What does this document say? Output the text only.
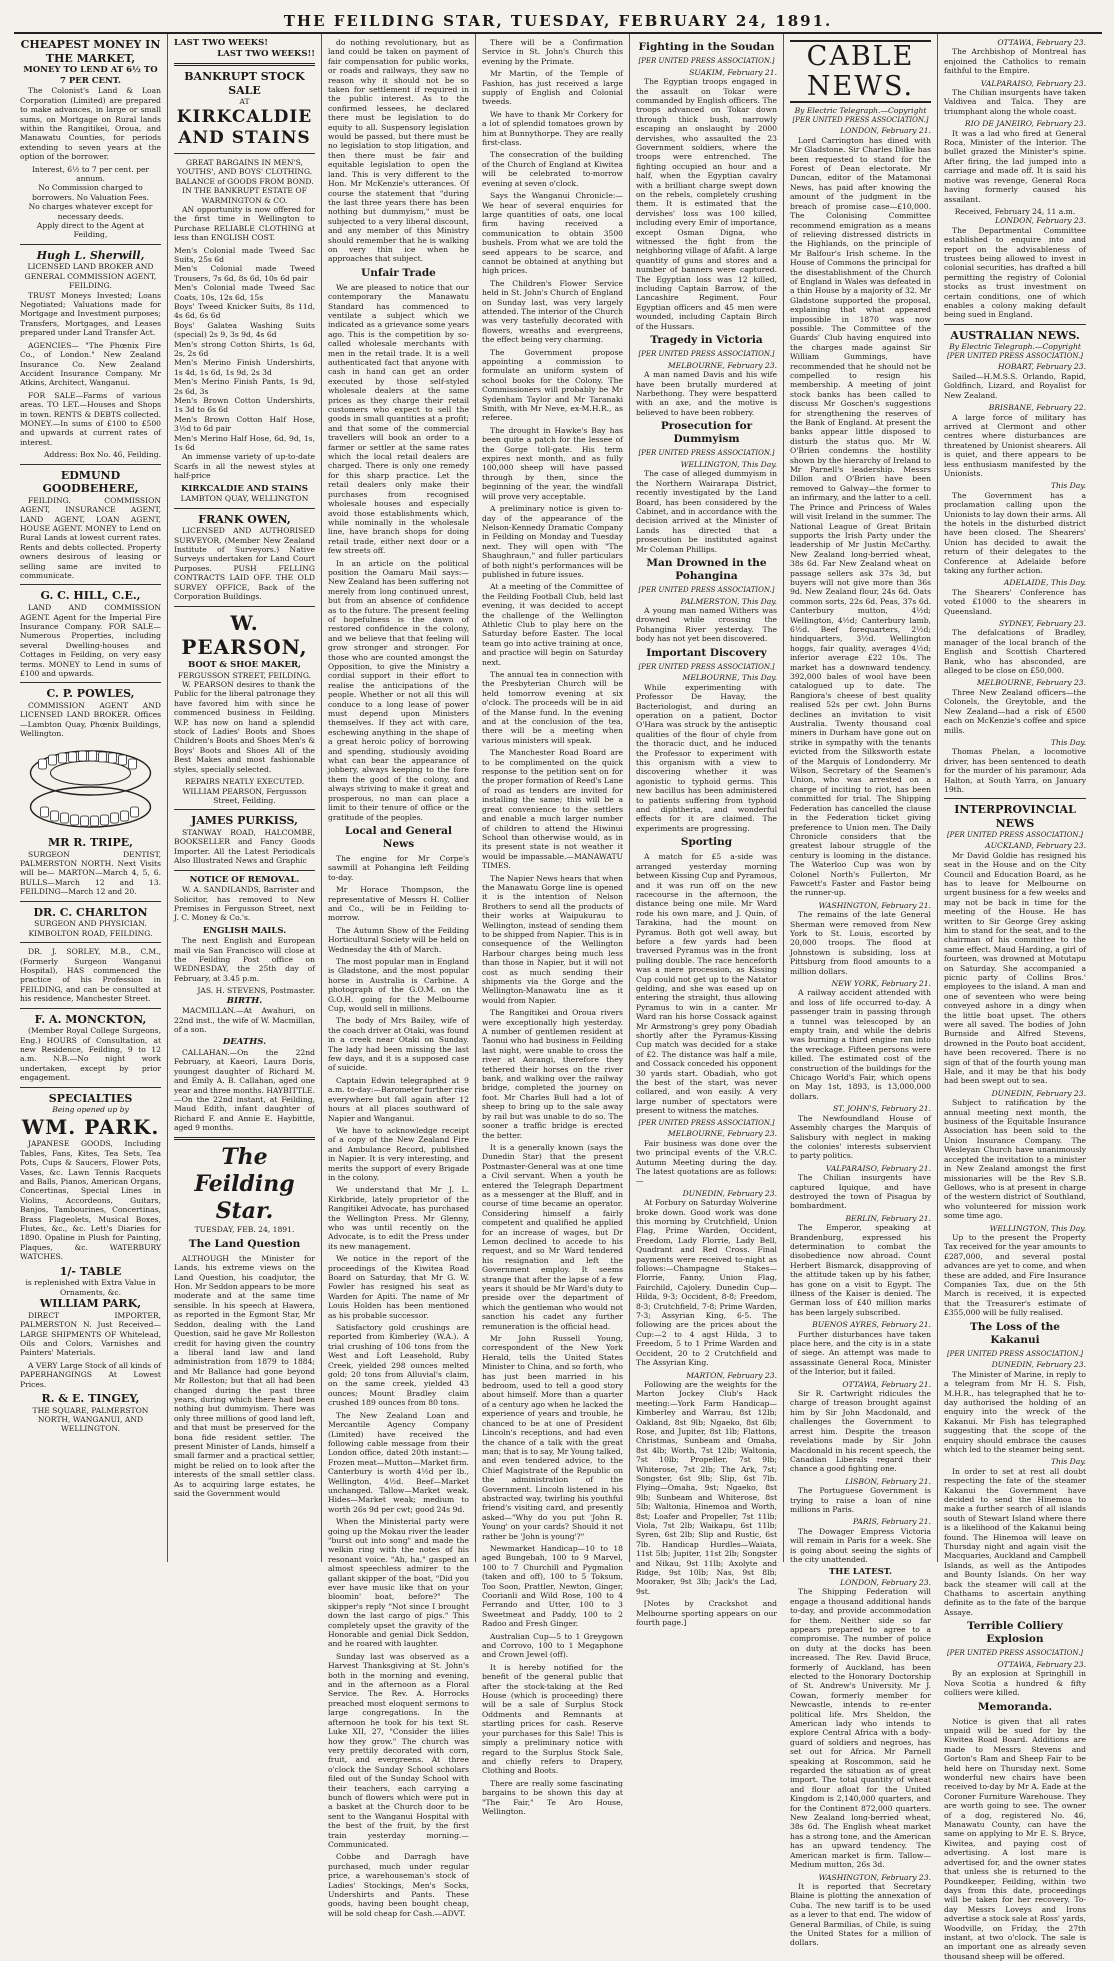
THE FEILDING STAR, TUESDAY, FEBRUARY 24, 1891.
CHEAPEST MONEY IN THE MARKET,
MONEY TO LEND AT 6½ TO 7 PER CENT.

The Colonist's Land & Loan Corporation (Limited) are prepared to make advances, in large or small sums, on Mortgage on Rural lands within the Rangitikei, Oroua, and Manawatu Counties, for periods extending to seven years at the option of the borrower.

Interest, 6½ to 7 per cent. per annum.
No Commission charged to borrowers. No Valuation Fees.
No charges whatever except for necessary deeds.
Apply direct to the Agent at Feilding,
Hugh L. Sherwill,
LICENSED LAND BROKER AND GENERAL COMMISSION AGENT, FEILDING.

TRUST Moneys Invested; Loans Negotiated; Valuations made for Mortgage and Investment purposes; Transfers, Mortgages, and Leases prepared under Land Transfer Act.

AGENCIES— "The Phœnix Fire Co., of London." New Zealand Insurance Co. New Zealand Accident Insurance Company. Mr Atkins, Architect, Wanganui.

FOR SALE—Farms of various areas. TO LET.—Houses and Shops in town. RENTS & DEBTS collected. MONEY.—In sums of £100 to £500 and upwards at current rates of interest.

Address: Box No. 46, Feilding.
EDMUND GOODBEHERE,

FEILDING. COMMISSION AGENT, INSURANCE AGENT, LAND AGENT, LOAN AGENT, HOUSE AGENT. MONEY to Lend on Rural Lands at lowest current rates. Rents and debts collected. Property owners desirous of leasing or selling same are invited to communicate.

G. C. HILL, C.E.,

LAND AND COMMISSION AGENT. Agent for the Imperial Fire Insurance Company. FOR SALE—Numerous Properties, including several Dwelling-houses and Cottages in Feilding, on very easy terms. MONEY to Lend in sums of £100 and upwards.

C. P. POWLES,

COMMISSION AGENT AND LICENSED LAND BROKER. Offices—Lambton Quay, Phœnix Buildings, Wellington.

MR R. TRIPE,

SURGEON DENTIST, PALMERSTON NORTH. Next Visits will be— MARTON—March 4, 5, 6. BULLS—March 12 and 13. FEILDING—March 12 and 20.

DR. C. CHARLTON
SURGEON AND PHYSICIAN. KIMBOLTON ROAD, FEILDING.

DR. J. SORLEY, M.B., C.M., (Formerly Surgeon Wanganui Hospital), HAS commenced the practice of his Profession in FEILDING, and can be consulted at his residence, Manchester Street.

F. A. MONCKTON,

(Member Royal College Surgeons, Eng.) HOURS of Consultation, at new Residence, Feilding, 9 to 12 a.m. N.B.—No night work undertaken, except by prior engagement.

SPECIALTIES
Being opened up by
WM. PARK.

JAPANESE GOODS, Including Tables, Fans, Kites, Tea Sets, Tea Pots, Cups & Saucers, Flower Pots, Vases, &c. Lawn Tennis Racquets and Balls, Pianos, American Organs, Concertinas, Special Lines in Violins, Accordeons, Guitars, Banjos, Tambourines, Concertinas, Brass Flageolets, Musical Boxes, Flutes, &c., &c. Lett's Diaries for 1890. Opaline in Plush for Painting, Plaques, &c. WATERBURY WATCHES.

1/- TABLE
is replenished with Extra Value in Ornaments, &c.
WILLIAM PARK,

DIRECT IMPORTER, PALMERSTON N. Just Received— LARGE SHIPMENTS OF Whitelead, Oils and Colors, Varnishes and Painters' Materials.

A VERY Large Stock of all kinds of PAPERHANGINGS At Lowest Prices.

R. & E. TINGEY,
THE SQUARE, PALMERSTON NORTH, WANGANUI, AND WELLINGTON.
LAST TWO WEEKS!
LAST TWO WEEKS!!
BANKRUPT STOCK SALE
AT
KIRKCALDIE AND STAINS
GREAT BARGAINS IN MEN'S, YOUTHS', AND BOYS' CLOTHING.
BALANCE of GOODS FROM BOND.
IN THE BANKRUPT ESTATE OF WARMINGTON & CO.

AN opportunity is now offered for the first time in Wellington to Purchase RELIABLE CLOTHING at less than ENGLISH COST.

Men's Colonial made Tweed Sac Suits, 25s 6d
Men's Colonial made Tweed Trousers, 7s 6d, 8s 6d, 10s 6d pair
Men's Colonial made Tweed Sac Coats, 10s, 12s 6d, 15s
Boys' Tweed Knicker Suits, 8s 11d, 4s 6d, 6s 6d
Boys' Galatea Washing Suits (special) 2s 9, 3s 9d, 4s 6d
Men's strong Cotton Shirts, 1s 6d, 2s, 2s 6d
Men's Merino Finish Undershirts, 1s 4d, 1s 6d, 1s 9d, 2s 3d
Men's Merino Finish Pants, 1s 9d, 2s 6d, 3s
Men's Brown Cotton Undershirts, 1s 3d to 6s 6d
Men's Brown Cotton Half Hose, 3½d to 6d pair
Men's Merino Half Hose, 6d, 9d, 1s, 1s 6d

An immense variety of up-to-date Scarfs in all the newest styles at half-price

KIRKCALDIE AND STAINS
LAMBTON QUAY, WELLINGTON
FRANK OWEN,

LICENSED AND AUTHORISED SURVEYOR, (Member New Zealand Institute of Surveyors.) Native Surveys undertaken for Land Court Purposes. PUSH FELLING CONTRACTS LAID OFF. THE OLD SURVEY OFFICE, Back of the Corporation Buildings.

W. PEARSON,
BOOT & SHOE MAKER,
FERGUSSON STREET, FEILDING.

W. PEARSON desires to thank the Public for the liberal patronage they have favored him with since he commenced business in Feilding. W.P. has now on hand a splendid stock of Ladies' Boots and Shoes Children's Boots and Shoes Men's & Boys' Boots and Shoes All of the Best Makes and most fashionable styles, specially selected.

REPAIRS NEATLY EXECUTED.
WILLIAM PEARSON, Fergusson Street, Feilding.
JAMES PURKISS,

STANWAY ROAD, HALCOMBE, BOOKSELLER and Fancy Goods Importer. All the Latest Periodicals Also Illustrated News and Graphic

NOTICE OF REMOVAL.

W. A. SANDILANDS, Barrister and Solicitor, has removed to New Premises in Fergusson Street, next J. C. Money & Co.'s.

ENGLISH MAILS.

The next English and European mail via San Francisco will close at the Feilding Post office on WEDNESDAY, the 25th day of February, at 3.45 p.m.

JAS. H. STEVENS, Postmaster.
BIRTH.

MACMILLAN.—At Awahuri, on 22nd inst., the wife of W. Macmillan, of a son.

DEATHS.

CALLAHAN.—On the 22nd February, at Kaeori, Laura Doris, youngest daughter of Richard M. and Emily A. B. Callahan, aged one year and three months. HAYBITTLE.—On the 22nd instant, at Feilding, Maud Edith, infant daughter of Richard F. and Annie E. Haybittle, aged 9 months.

The Feilding Star.
TUESDAY, FEB. 24, 1891.
The Land Question

ALTHOUGH the Minister for Lands, his extreme views on the Land Question, his coadjutor, the Hon. Mr Seddon appears to be more moderate and at the same time sensible. In his speech at Hawera, as reported in the Egmont Star, Mr Seddon, dealing with the Land Question, said he gave Mr Rolleston credit for having given the country a liberal land law and land administration from 1879 to 1884; and Mr Ballance had gone beyond Mr Rolleston; but that all had been changed during the past three years, during which there had been nothing but dummyism. There was only three millions of good land left, and that must be preserved for the bona fide resident settler. The present Minister of Lands, himself a small farmer and a practical settler, might be relied on to look after the interests of the small settler class. As to acquiring large estates, he said the Government would

do nothing revolutionary, but as land could be taken on payment of fair compensation for public works, or roads and railways, they saw no reason why it should not be so taken for settlement if required in the public interest. As to the confirmed lessees, he declared there must be legislation to do equity to all. Suspensory legislation would be passed, but there must be no legislation to stop litigation, and then there must be fair and equitable legislation to open the land. This is very different to the Hon. Mr McKenzie's utterances. Of course the statement that "during the last three years there has been nothing but dummyism," must be subjected to a very liberal discount, and any member of this Ministry should remember that he is walking on very thin ice when he approaches that subject.

Unfair Trade

We are pleased to notice that our contemporary the Manawatu Standard has commenced to ventilate a subject which we indicated as a grievance some years ago. This is the competition by so-called wholesale merchants with men in the retail trade. It is a well authenticated fact that anyone with cash in hand can get an order executed by those self-styled wholesale dealers at the same prices as they charge their retail customers who expect to sell the goods in small quantities at a profit; and that some of the commercial travellers will book an order to a farmer or settler at the same rates which the local retail dealers are charged. There is only one remedy for this sharp practice. Let the retail dealers only make their purchases from recognised wholesale houses and especially avoid those establishments which, while nominally in the wholesale line, have branch shops for doing retail trade, either next door or a few streets off.

In an article on the political position the Oamaru Mail says:—New Zealand has been suffering not merely from long continued unrest, but from an absence of confidence as to the future. The present feeling of hopefulness is the dawn of restored confidence in the colony, and we believe that that feeling will grow stronger and stronger. For those who are counted amongst the Opposition, to give the Ministry a cordial support in their effort to realise the anticipations of the people. Whether or not all this will conduce to a long lease of power must depend upon Ministers themselves. If they act with care, eschewing anything in the shape of a great heroic policy of borrowing and spending, studiously avoiding what can bear the appearance of jobbery, always keeping to the fore them the good of the colony, and always striving to make it great and prosperous, no man can place a limit to their tenure of office or the gratitude of the peoples.

Local and General News

The engine for Mr Corpe's sawmill at Pohangina left Feilding to-day.

Mr Horace Thompson, the representative of Messrs H. Collier and Co., will be in Feilding to-morrow.

The Autumn Show of the Feilding Horticultural Society will be held on Wednesday the 4th of March.

The most popular man in England is Gladstone, and the most popular horse in Australia is Carbine. A photograph of the G.O.M. on the G.O.H. going for the Melbourne Cup, would sell in millions.

The body of Mrs Bailey, wife of the coach driver at Otaki, was found in a creek near Otaki on Sunday. The lady had been missing the last few days, and it is a supposed case of suicide.

Captain Edwin telegraphed at 9 a.m. to-day:—Barometer further rise everywhere but fall again after 12 hours at all places southward of Napier and Wanganui.

We have to acknowledge receipt of a copy of the New Zealand Fire and Ambulance Record, published in Napier. It is very interesting, and merits the support of every Brigade in the colony.

We understand that Mr J. L. Kirkbride, lately proprietor of the Rangitikei Advocate, has purchased the Wellington Press. Mr Glenny, who was until recently on the Advocate, is to edit the Press under its new management.

We notice in the report of the proceedings of the Kiwitea Road Board on Saturday, that Mr G. W. Fowler has resigned his seat as Warden for Apiti. The name of Mr Louis Holden has been mentioned as his probable successor.

Satisfactory gold crushings are reported from Kimberley (W.A.). A trial crushing of 106 tons from the West and Loft Leasehold, Ruby Creek, yielded 298 ounces melted gold; 20 tons from Alluvial's claim, on the same creek, yielded 43 ounces; Mount Bradley claim crushed 189 ounces from 80 tons.

The New Zealand Loan and Mercantile Agency Company (Limited) have received the following cable message from their London office, dated 20th instant:—Frozen meat—Mutton—Market firm. Canterbury is worth 4½d per lb., Wellington, 4½d. Beef—Market unchanged. Tallow—Market weak. Hides—Market weak; medium to worth 26s 9d per cwt; good 24s 9d.

When the Ministerial party were going up the Mokau river the leader "burst out into song" and made the welkin ring with the notes of his resonant voice. "Ah, ha," gasped an almost speechless admirer to the gallant skipper of the boat, "Did you ever have music like that on your bloomin' boat, before?" The skipper's reply "Not since I brought down the last cargo of pigs." This completely upset the gravity of the Honorable and genial Dick Seddon, and he roared with laughter.

Sunday last was observed as a Harvest Thanksgiving at St. John's both in the morning and evening, and in the afternoon as a Floral Service. The Rev. A. Horrocks preached most eloquent sermons to large congregations. In the afternoon he took for his text St. Luke XII, 27, "Consider the lilies how they grow." The church was very prettily decorated with corn, fruit, and evergreens. At three o'clock the Sunday School scholars filed out of the Sunday School with their teachers, each carrying a bunch of flowers which were put in a basket at the Church door to be sent to the Wanganui Hospital with the best of the fruit, by the first train yesterday morning.—Communicated.

Cobbe and Darragh have purchased, much under regular price, a warehouseman's stock of Ladies' Stockings, Men's Socks, Undershirts and Pants. These goods, having been bought cheap, will be sold cheap for Cash.—ADVT.

There will be a Confirmation Service in St. John's Church this evening by the Primate.

Mr Martin, of the Temple of Fashion, has just received a large supply of English and Colonial tweeds.

We have to thank Mr Corkery for a lot of splendid tomatoes grown by him at Bunnythorpe. They are really first-class.

The consecration of the building of the Church of England at Kiwitea will be celebrated to-morrow evening at seven o'clock.

Says the Wanganui Chronicle:—We hear of several enquiries for large quantities of oats, one local firm having received a communication to obtain 3500 bushels. From what we are told the seed appears to be scarce, and cannot be obtained at anything but high prices.

The Children's Flower Service held in St. John's Church of England on Sunday last, was very largely attended. The interior of the Church was very tastefully decorated with flowers, wreaths and evergreens, the effect being very charming.

The Government propose appointing a commission to formulate an uniform system of school books for the Colony. The Commissioners will probably be Mr Sydenham Taylor and Mr Taranaki Smith, with Mr Neve, ex-M.H.R., as referee.

The drought in Hawke's Bay has been quite a patch for the lessee of the Gorge toll-gate. His term expires next month, and as fully 100,000 sheep will have passed through by then, since the beginning of the year, the windfall will prove very acceptable.

A preliminary notice is given to-day of the appearance of the Nelson-Kennedy Dramatic Company in Feilding on Monday and Tuesday next. They will open with "The Shaughraun," and fuller particulars of both night's performances will be published in future issues.

At a meeting of the Committee of the Feilding Football Club, held last evening, it was decided to accept the challenge of the Wellington Athletic Club to play here on the Saturday before Easter. The local team go into active training at once, and practice will begin on Saturday next.

The annual tea in connection with the Presbyterian Church will be held tomorrow evening at six o'clock. The proceeds will be in aid of the Manse fund. In the evening and at the conclusion of the tea, there will be a meeting when various ministers will speak.

The Manchester Road Board are to be complimented on the quick response to the petition sent on for the proper formation of Reed's Lane of road as tenders are invited for installing the same; this will be a great convenience to the settlers and enable a much larger number of children to attend the Hiwinui School than otherwise would, as in its present state is not weather it would be impassable.—MANAWATU TIMES.

The Napier News hears that when the Manawatu Gorge line is opened it is the intention of Nelson Brothers to send all the products of their works at Waipukurau to Wellington, instead of sending them to be shipped from Napier. This is in consequence of the Wellington Harbour charges being much less than those in Napier, but it will not cost as much sending their shipments via the Gorge and the Wellington-Manawatu line as it would from Napier.

The Rangitikei and Oroua rivers were exceptionally high yesterday. A number of gentlemen resident at Taonui who had business in Feilding last night, were unable to cross the river at Aorangi, therefore they tethered their horses on the river bank, and walking over the railway bridge, completed the journey on foot. Mr Charles Bull had a lot of sheep to bring up to the sale away by rail but was unable to do so. The sooner a traffic bridge is erected the better.

It is a generally known (says the Dunedin Star) that the present Postmaster-General was at one time a Civil servant. When a youth he entered the Telegraph Department as a messenger at the Bluff, and in course of time became an operator. Considering himself a fairly competent and qualified he applied for an increase of wages, but Dr Lemon declined to accede to his request, and so Mr Ward tendered his resignation and left the Government employ. It seems strange that after the lapse of a few years it should be Mr Ward's duty to preside over the department of which the gentleman who would not sanction his cadet any further remuneration is the official head.

Mr John Russell Young, correspondent of the New York Herald, tells the United States Minister to China, and so forth, who has just been married in his bedroom, used to tell a good story about himself. More than a quarter of a century ago when he lacked the experience of years and trouble, he chanced to be at one of President Lincoln's receptions, and had even the chance of a talk with the great man; that is to say, Mr Young talked, and even tendered advice, to the Chief Magistrate of the Republic on the administration of the Government. Lincoln listened in his abstracted way, twirling his youthful friend's visiting card, and presently asked—"Why do you put 'John R. Young' on your cards? Should it not rather be 'John is young'?"

Newmarket Handicap—10 to 18 aged Bungebah, 100 to 9 Marvel, 100 to 7 Churchill and Pygmalion (taken and off), 100 to 5 Toksum, Too Soon, Prattler, Newton, Ginger, Coorianli and Wild Rose, 100 to 4 Ferrando and Utter, 100 to 3 Sweetmeat and Paddy, 100 to 2 Radoo and Fresh Ginger.

Australian Cup—5 to 1 Greygown and Corrovo, 100 to 1 Megaphone and Crown Jewel (off).

It is hereby notified for the benefit of the general public that after the stock-taking at the Red House (which is proceeding) there will be a sale of Surplus Stock Oddments and Remnants at startling prices for cash. Reserve your purchases for this Sale! This is simply a preliminary notice with regard to the Surplus Stock Sale, and chiefly refers to Drapery, Clothing and Boots.

There are really some fascinating bargains to be shown this day at "The Fair," Te Aro House, Wellington.

Fighting in the Soudan
[PER UNITED PRESS ASSOCIATION.]
SUAKIM, February 21.

The Egyptian troops engaged in the assault on Tokar were commanded by English officers. The troops advanced on Tokar down through thick bush, narrowly escaping an onslaught by 2000 dervishes, who assaulted the 23 Government soldiers, where the troops were entrenched. The fighting occupied an hour and a half, when the Egyptian cavalry with a brilliant charge swept down on the rebels, completely crushing them. It is estimated that the dervishes' loss was 100 killed, including every Emir of importance, except Osman Digna, who witnessed the fight from the neighboring village of Afafit. A large quantity of guns and stores and a number of banners were captured. The Egyptian loss was 12 killed, including Captain Barrow, of the Lancashire Regiment. Four Egyptian officers and 45 men were wounded, including Captain Birch of the Hussars.

Tragedy in Victoria
[PER UNITED PRESS ASSOCIATION.]
MELBOURNE, February 23.

A man named Davis and his wife have been brutally murdered at Narbethong. They were bespatterd with an axe, and the motive is believed to have been robbery.

Prosecution for Dummyism
[PER UNITED PRESS ASSOCIATION.]
WELLINGTON, This Day.

The case of alleged dummyism in the Northern Wairarapa District, recently investigated by the Land Board, has been considered by the Cabinet, and in accordance with the decision arrived at the Minister of Lands has directed that a prosecution be instituted against Mr Coleman Phillips.

Man Drowned in the Pohangina
[PER UNITED PRESS ASSOCIATION.]
PALMERSTON, This Day.

A young man named Withers was drowned while crossing the Pohangina River yesterday. The body has not yet been discovered.

Important Discovery
[PER UNITED PRESS ASSOCIATION.]
MELBOURNE, This Day.

While experimenting with Professor De Havay, the Bacteriologist, and during an operation on a patient, Doctor O'Hara was struck by the antiseptic qualities of the flour of chyle from the thoracic duct, and he induced the Professor to experiment with this organism with a view to discovering whether it was agonistic to typhoid germs. This new bacillus has been administered to patients suffering from typhoid and diphtheria, and wonderful effects for it are claimed. The experiments are progressing.

Sporting

A match for £5 a-side was arranged yesterday morning between Kissing Cup and Pyramous, and it was run off on the new racecourse in the afternoon, the distance being one mile. Mr Ward rode his own mare, and J. Quin, of Tarakina, had the mount on Pyramus. Both got well away, but before a few yards had been traversed Pyramus was in the front pulling double. The race henceforth was a mere procession, as Kissing Cup could not get up to the Natator gelding, and she was eased up on entering the straight, thus allowing Pyramus to win in a canter. Mr Ward ran his horse Cossack against Mr Armstrong's grey pony Obadiah shortly after the Pyramus-Kissing Cup match was decided for a stake of £2. The distance was half a mile, and Cossack conceded his opponent 30 yards start. Obadiah, who got the best of the start, was never collared, and won easily. A very large number of spectators were present to witness the matches.

[PER UNITED PRESS ASSOCIATION.]
MELBOURNE, February 23.

Fair business was done over the two principal events of the V.R.C. Autumn Meeting during the day. The latest quotations are as follows:—

DUNEDIN, February 23.

At Forbury on Saturday Wolverine broke down. Good work was done this morning by Crutchfield, Union Flag, Prime Warden, Occident, Freedom, Lady Florrie, Lady Bell, Quadrant and Red Cross. Final payments were received to-night as follows:—Champagne Stakes—Florrie, Fanny, Union Flag, Fairchild, Cajolery. Dunedin Cup—Hilda, 9-3; Occident, 8-8; Freedom, 8-3; Crutchfield, 7-8; Prime Warden, 7-3; Assyrian King, 6-5. The following are the prices about the Cup:—2 to 4 agst Hilda, 3 to Freedom, 5 to 1 Prime Warden and Occident, 20 to 2 Crutchfield and The Assyrian King.

MARTON, February 23.

Following are the weights for the Marton Jockey Club's Hack meeting:—York Farm Handicap—Kimberley and Warrau, 8st 12lb; Oakland, 8st 9lb; Ngaeko, 8st 6lb; Rose, and Jupiter, 8st 1lb; Flattons, Christmas, Sunbeam and Omaha, 8st 4lb; Worth, 7st 12lb; Waltonia, 7st 10lb; Propeller, 7st 9lb; Whiterose, 7st 2lb; The Ark, 7st; Songster, 6st 9lb; Slip, 6st 7lb. Flying—Omaha, 9st; Ngaeko, 8st 9lb; Sunbeam and Whiterose, 8st 5lb; Waltonia, Hinemoa and Worth, 8st; Loafer and Propeller, 7st 11lb; Viola, 7st 2lb; Waikapu, 6st 11lb; Syren, 6st 2lb; Slip and Rustic, 6st 7lb. Handicap Hurdles—Waiata, 11st 5lb; Jupiter, 11st 2lb; Songster and Nikau, 9st 11lb; Axolyte and Ridge, 9st 10lb; Nas, 9st 8lb; Mooraker, 9st 3lb; Jack's the Lad, 9st.

[Notes by Crackshot and Melbourne sporting appears on our fourth page.]

CABLE NEWS.
By Electric Telegraph.—Copyright
[PER UNITED PRESS ASSOCIATION.]
LONDON, February 21.

Lord Carrington has dined with Mr Gladstone. Sir Charles Dilke has been requested to stand for the Forest of Dean electorate. Mr Duncan, editor of the Matamonai News, has paid after knowing the amount of the judgment in the breach of promise case—£10,000. The Colonising Committee recommend emigration as a means of relieving distressed districts in the Highlands, on the principle of Mr Balfour's Irish scheme. In the House of Commons the principal for the disestablishment of the Church of England in Wales was defeated in a thin House by a majority of 32. Mr Gladstone supported the proposal, explaining that what appeared impossible in 1870 was now possible. The Committee of the Guards' Club having enquired into the charges made against Sir William Gummings, have recommended that he should not be compelled to resign his membership. A meeting of joint stock banks has been called to discuss Mr Goschen's suggestions for strengthening the reserves of the Bank of England. At present the banks appear little disposed to disturb the status quo. Mr W. O'Brien condemns the hostility shown by the hierarchy of Ireland to Mr Parnell's leadership. Messrs Dillon and O'Brien have been removed to Galway—the former to an infirmary, and the latter to a cell. The Prince and Princess of Wales will visit Ireland in the summer. The National League of Great Britain supports the Irish Party under the leadership of Mr Justin McCarthy. New Zealand long-berried wheat, 38s 6d. Far New Zealand wheat on passage sellers ask 37s 3d, but buyers will not give more than 36s 9d. New Zealand flour, 24s 6d. Oats common sorts, 22s 6d. Peas, 37s 6d. Canterbury mutton, 4½d; Wellington, 4½d; Canterbury lamb, 6½d. Beef forequarters, 2½d; hindquarters, 3½d. Wellington hoggs, fair quality, averages 4½d; inferior average £22 10s. The market has a downward tendency. 392,000 bales of wool have been catalogued up to date. The Rangiora's cheese of best quality realised 52s per cwt. John Burns declines an invitation to visit Australia. Twenty thousand coal miners in Durham have gone out on strike in sympathy with the tenants evicted from the Silksworth estate of the Marquis of Londonderry. Mr Wilson, Secretary of the Seamen's Union, who was arrested on a charge of inciting to riot, has been committed for trial. The Shipping Federation has cancelled the clause in the Federation ticket giving preference to Union men. The Daily Chronicle considers that the greatest labour struggle of the century is looming in the distance. The Waterloo Cup was won by Colonel North's Fullerton, Mr Fawcett's Faster and Fastor being the runner-up.

WASHINGTON, February 21.

The remains of the late General Sherman were removed from New York to St. Louis, escorted by 20,000 troops. The flood at Johnstown is subsiding, loss at Pittsburg from flood amounts to a million dollars.

NEW YORK, February 21.

A railway accident attended with and loss of life occurred to-day. A passenger train in passing through a tunnel was telescoped by an empty train, and while the debris was burning a third engine ran into the wreckage. Fifteen persons were killed. The estimated cost of the construction of the buildings for the Chicago World's Fair, which opens on May 1st, 1893, is 13,000,000 dollars.

ST. JOHN'S, February 21.

The Newfoundland House of Assembly charges the Marquis of Salisbury with neglect in making the colonies' interests subservient to party politics.

VALPARAISO, February 21.

The Chilian insurgents have captured Iquique, and have destroyed the town of Pisagua by bombardment.

BERLIN, February 21.

The Emperor, speaking at Brandenburg, expressed his determination to combat the disobedience now abroad. Count Herbert Bismarck, disapproving of the attitude taken up by his father, has gone on a visit to Egypt. The illness of the Kaiser is denied. The German loss of £40 million marks has been largely subscribed.

BUENOS AYRES, February 21.

Further disturbances have taken place here, and the city is in a state of siege. An attempt was made to assassinate General Roca, Minister of the Interior, but it failed.

OTTAWA, February 21.

Sir R. Cartwright ridicules the charge of treason brought against him by Sir John Macdonald, and challenges the Government to arrest him. Despite the treason revelations made by Sir John Macdonald in his recent speech, the Canadian Liberals regard their chance a good fighting one.

LISBON, February 21.

The Portuguese Government is trying to raise a loan of nine millions in Paris.

PARIS, February 21.

The Dowager Empress Victoria will remain in Paris for a week. She is going about seeing the sights of the city unattended.

THE LATEST.
LONDON, February 23.

The Shipping Federation will engage a thousand additional hands to-day, and provide accommodation for them. Neither side so far appears prepared to agree to a compromise. The number of police on duty at the docks has been increased. The Rev. David Bruce, formerly of Auckland, has been elected to the Honorary Doctorship of St. Andrew's University. Mr J. Cowan, formerly member for Newcastle, intends to re-enter political life. Mrs Sheldon, the American lady who intends to explore Central Africa with a body-guard of soldiers and negroes, has set out for Africa. Mr Parnell speaking at Roscommon, said he regarded the situation as of great import. The total quantity of wheat and flour afloat for the United Kingdom is 2,140,000 quarters, and for the Continent 872,000 quarters. New Zealand long-berried wheat, 38s 6d. The English wheat market has a strong tone, and the American has an upward tendency. The American market is firm. Tallow—Medium mutton, 26s 3d.

WASHINGTON, February 23.

It is reported that Secretary Blaine is plotting the annexation of Cuba. The new tariff is to be used as a lever to that end. The widow of General Barmilias, of Chile, is suing the United States for a million of dollars.

OTTAWA, February 23.

The Archbishop of Montreal has enjoined the Catholics to remain faithful to the Empire.

VALPARAISO, February 23.

The Chilian insurgents have taken Valdivea and Talca. They are triumphant along the whole coast.

RIO DE JANEIRO, February 23.

It was a lad who fired at General Roca, Minister of the Interior. The bullet grazed the Minister's spine. After firing, the lad jumped into a carriage and made off. It is said his motive was revenge, General Roca having formerly caused his assailant.

Received, February 24, 11 a.m.
LONDON, February 23.

The Departmental Committee established to enquire into and report on the advisableness of trustees being allowed to invest in colonial securities, has drafted a bill permitting the registry of Colonial stocks as trust investment on certain conditions, one of which enables a colony making default being sued in England.

AUSTRALIAN NEWS.
By Electric Telegraph.—Copyright
[PER UNITED PRESS ASSOCIATION.]
HOBART, February 23.

Sailed—H.M.S.S. Orlando, Rapid, Goldfinch, Lizard, and Royalist for New Zealand.

BRISBANE, February 22.

A large force of military has arrived at Clermont and other centres where disturbances are threatened by Unionist shearers. All is quiet, and there appears to be less enthusiasm manifested by the Unionists.

This Day.

The Government has a proclamation calling upon the Unionists to lay down their arms. All the hotels in the disturbed district have been closed. The Shearers' Union has decided to await the return of their delegates to the Conference at Adelaide before taking any further action.

ADELAIDE, This Day.

The Shearers' Conference has voted £1000 to the shearers in Queensland.

SYDNEY, February 23.

The defalcations of Bradley, manager of the local branch of the English and Scottish Chartered Bank, who has absconded, are alleged to be close on £50,000.

MELBOURNE, February 23.

Three New Zealand officers—the Colonels, the Greytoble, and the New Zealand—had a risk of £500 each on McKenzie's coffee and spice mills.

This Day.

Thomas Phelan, a locomotive driver, has been sentenced to death for the murder of his paramour, Ada Halton, at South Yarra, on January 19th.

INTERPROVINCIAL NEWS
[PER UNITED PRESS ASSOCIATION.]
AUCKLAND, February 23.

Mr David Goldie has resigned his seat in the House and on the City Council and Education Board, as he has to leave for Melbourne on urgent business for a few weeks and may not be back in time for the meeting of the House. He has written to Sir George Grey asking him to stand for the seat, and to the chairman of his committee to the same effect. Maud Harding, a girl of fourteen, was drowned at Motutapu on Saturday. She accompanied a picnic party of Collins Bros.' employees to the island. A man and one of seventeen who were being conveyed ashore in a dingy when the little boat upset. The others were all saved. The bodies of John Burnside and Alfred Stevens, drowned in the Pouto boat accident, have been recovered. There is no sign of that of the fourth young man Hale, and it may be that his body had been swept out to sea.

DUNEDIN, February 23.

Subject to ratification by the annual meeting next month, the business of the Equitable Insurance Association has been sold to the Union Insurance Company. The Wesleyan Church have unanimously accepted the invitation to a minister in New Zealand amongst the first missionaries will be the Rev S.B. Gellows, who is at present in charge of the western district of Southland, who volunteered for mission work some time ago.

WELLINGTON, This Day.

Up to the present the Property Tax received for the year amounts to £287,000, and several postal advances are yet to come, and when these are added, and Fire Insurance Companies Tax, due on the 5th March is received, it is expected that the Treasurer's estimate of £355,000 will be fully realised.

The Loss of the Kakanui
[PER UNITED PRESS ASSOCIATION.]
DUNEDIN, February 23.

The Minister of Marine, in reply to a telegram from Mr H. S. Fish, M.H.R., has telegraphed that he to-day authorised the holding of an enquiry into the wreck of the Kakanui. Mr Fish has telegraphed suggesting that the scope of the enquiry should embrace the causes which led to the steamer being sent.

This Day.

In order to set at rest all doubt respecting the fate of the steamer Kakanui the Government have decided to send the Hinemoa to make a further search of all islands south of Stewart Island where there is a likelihood of the Kakanui being found. The Hinemoa will leave on Thursday night and again visit the Macquaries, Auckland and Campbell Islands, as well as the Antipodes and Bounty Islands. On her way back the steamer will call at the Chathams to ascertain anything definite as to the fate of the barque Assaye.

Terrible Colliery Explosion
[PER UNITED PRESS ASSOCIATION.]
OTTAWA, February 23.

By an explosion at Springhill in Nova Scotia a hundred & fifty colliers were killed.

Memoranda.

Notice is given that all rates unpaid will be sued for by the Kiwitea Road Board. Additions are made to Messrs Stevens and Gorton's Ram and Sheep Fair to be held here on Thursday next. Some wonderful new chairs have been received to-day by Mr A. Eade at the Coroner Furniture Warehouse. They are worth going to see. The owner of a dog, registered No. 46, Manawatu County, can have the same on applying to Mr E. S. Bryce, Kiwitea, and paying cost of advertising. A lost mare is advertised for, and the owner states that unless she is returned to the Poundkeeper, Feilding, within two days from this date, proceedings will be taken for her recovery. To-day Messrs Loveys and Irons advertise a stock sale at Ross' yards, Woodville, on Friday, the 27th instant, at two o'clock. The sale is an important one as already seven thousand sheep will be offered.
